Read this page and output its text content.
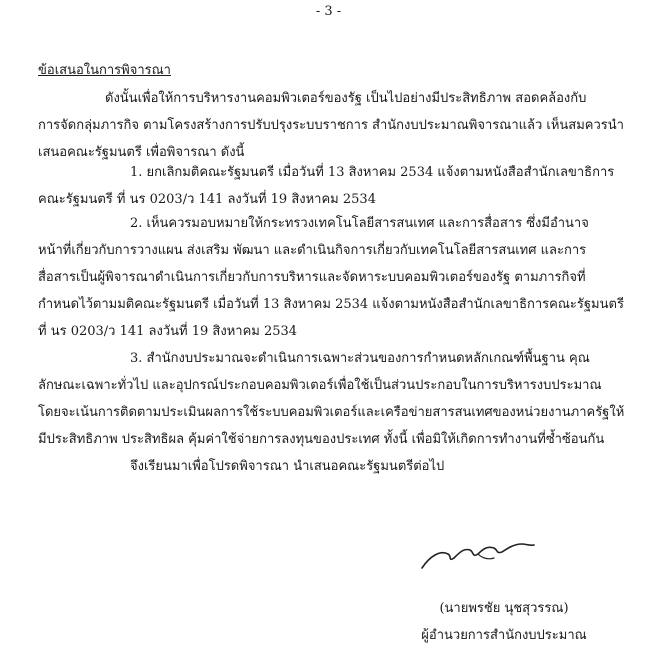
- 3 -
ข้อเสนอในการพิจารณา
ดังนั้นเพื่อให้การบริหารงานคอมพิวเตอร์ของรัฐ เป็นไปอย่างมีประสิทธิภาพ สอดคล้องกับ
การจัดกลุ่มภารกิจ ตามโครงสร้างการปรับปรุงระบบราชการ สำนักงบประมาณพิจารณาแล้ว เห็นสมควรนำ
เสนอคณะรัฐมนตรี เพื่อพิจารณา ดังนี้
1. ยกเลิกมติคณะรัฐมนตรี เมื่อวันที่ 13 สิงหาคม 2534 แจ้งตามหนังสือสำนักเลขาธิการ
คณะรัฐมนตรี ที่ นร 0203/ว 141 ลงวันที่ 19 สิงหาคม 2534
2. เห็นควรมอบหมายให้กระทรวงเทคโนโลยีสารสนเทศ และการสื่อสาร ซึ่งมีอำนาจ
หน้าที่เกี่ยวกับการวางแผน ส่งเสริม พัฒนา และดำเนินกิจการเกี่ยวกับเทคโนโลยีสารสนเทศ และการ
สื่อสารเป็นผู้พิจารณาดำเนินการเกี่ยวกับการบริหารและจัดหาระบบคอมพิวเตอร์ของรัฐ ตามภารกิจที่
กำหนดไว้ตามมติคณะรัฐมนตรี เมื่อวันที่ 13 สิงหาคม 2534 แจ้งตามหนังสือสำนักเลขาธิการคณะรัฐมนตรี
ที่ นร 0203/ว 141 ลงวันที่ 19 สิงหาคม 2534
3. สำนักงบประมาณจะดำเนินการเฉพาะส่วนของการกำหนดหลักเกณฑ์พื้นฐาน คุณ
ลักษณะเฉพาะทั่วไป และอุปกรณ์ประกอบคอมพิวเตอร์เพื่อใช้เป็นส่วนประกอบในการบริหารงบประมาณ
โดยจะเน้นการติดตามประเมินผลการใช้ระบบคอมพิวเตอร์และเครือข่ายสารสนเทศของหน่วยงานภาครัฐให้
มีประสิทธิภาพ ประสิทธิผล คุ้มค่าใช้จ่ายการลงทุนของประเทศ ทั้งนี้ เพื่อมิให้เกิดการทำงานที่ซ้ำซ้อนกัน
จึงเรียนมาเพื่อโปรดพิจารณา นำเสนอคณะรัฐมนตรีต่อไป
(นายพรชัย นุชสุวรรณ)
ผู้อำนวยการสำนักงบประมาณ
